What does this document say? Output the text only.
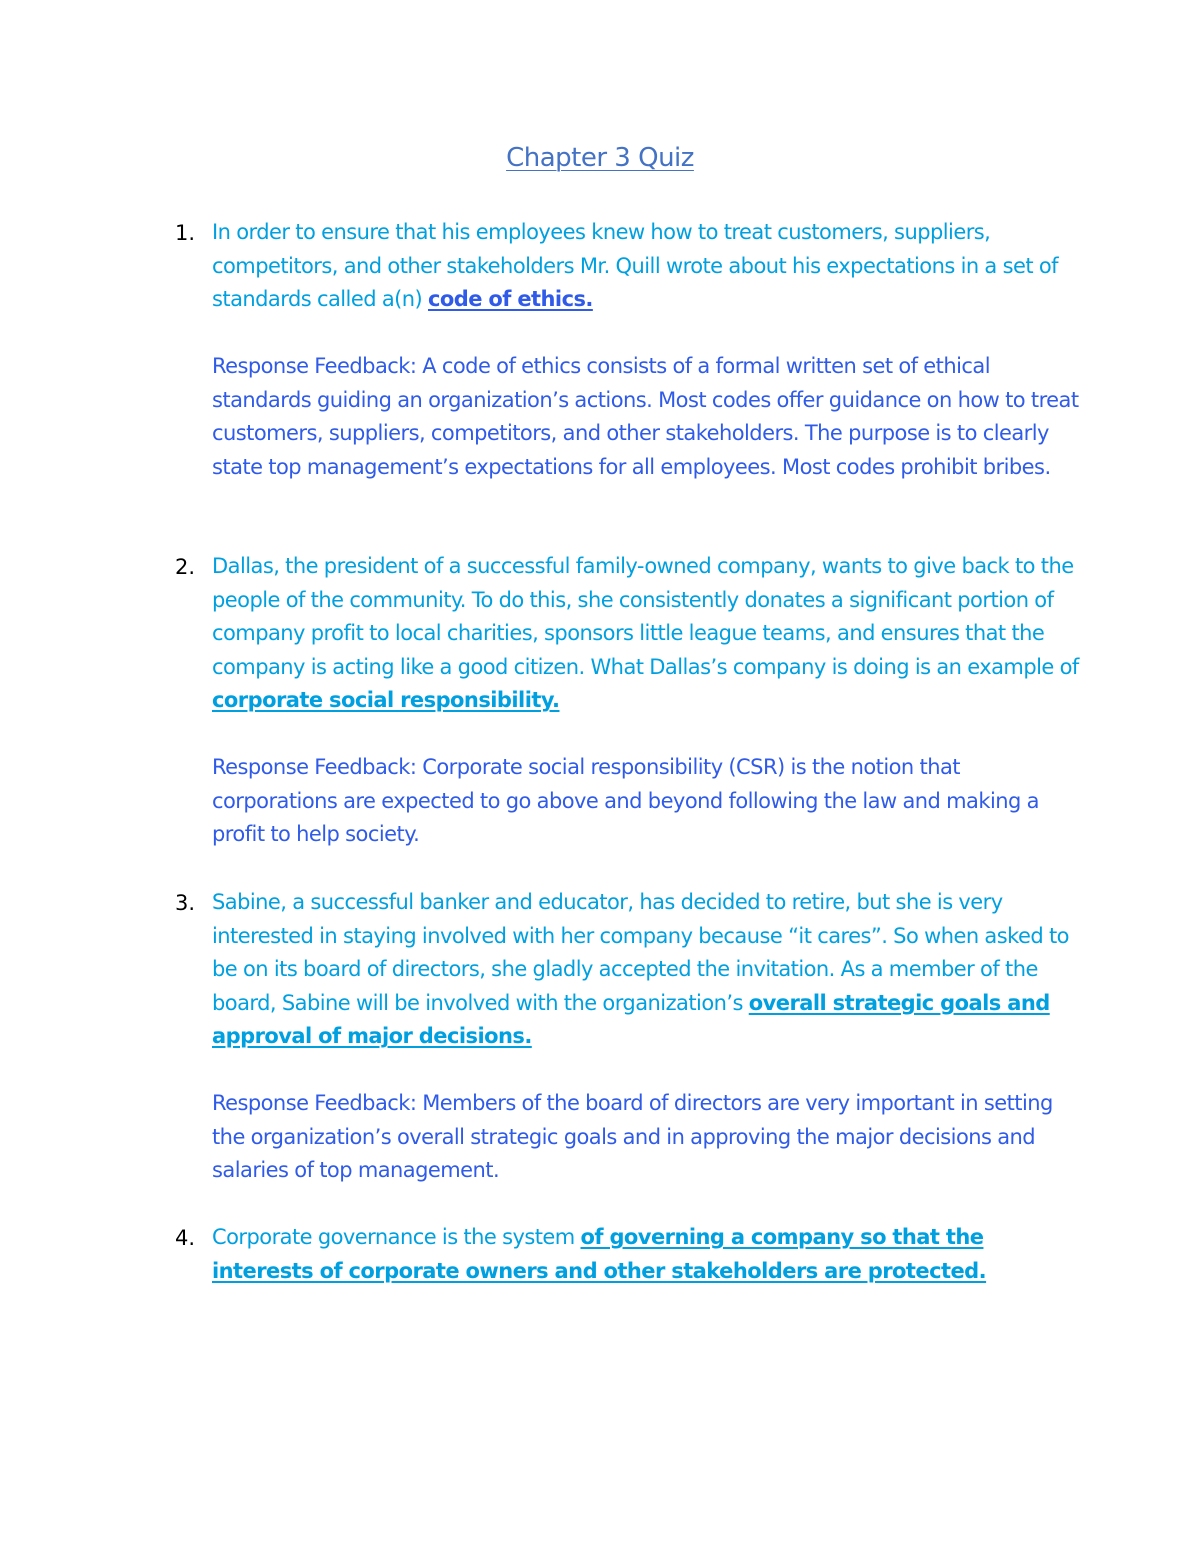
Chapter 3 Quiz
1. In order to ensure that his employees knew how to treat customers, suppliers, competitors, and other stakeholders Mr. Quill wrote about his expectations in a set of standards called a(n) code of ethics.
Response Feedback: A code of ethics consists of a formal written set of ethical standards guiding an organization’s actions. Most codes offer guidance on how to treat customers, suppliers, competitors, and other stakeholders. The purpose is to clearly state top management’s expectations for all employees. Most codes prohibit bribes.
2. Dallas, the president of a successful family-owned company, wants to give back to the people of the community. To do this, she consistently donates a significant portion of company profit to local charities, sponsors little league teams, and ensures that the company is acting like a good citizen. What Dallas’s company is doing is an example of corporate social responsibility.
Response Feedback: Corporate social responsibility (CSR) is the notion that corporations are expected to go above and beyond following the law and making a profit to help society.
3. Sabine, a successful banker and educator, has decided to retire, but she is very interested in staying involved with her company because “it cares”. So when asked to be on its board of directors, she gladly accepted the invitation. As a member of the board, Sabine will be involved with the organization’s overall strategic goals and approval of major decisions.
Response Feedback: Members of the board of directors are very important in setting the organization’s overall strategic goals and in approving the major decisions and salaries of top management.
4. Corporate governance is the system of governing a company so that the interests of corporate owners and other stakeholders are protected.
